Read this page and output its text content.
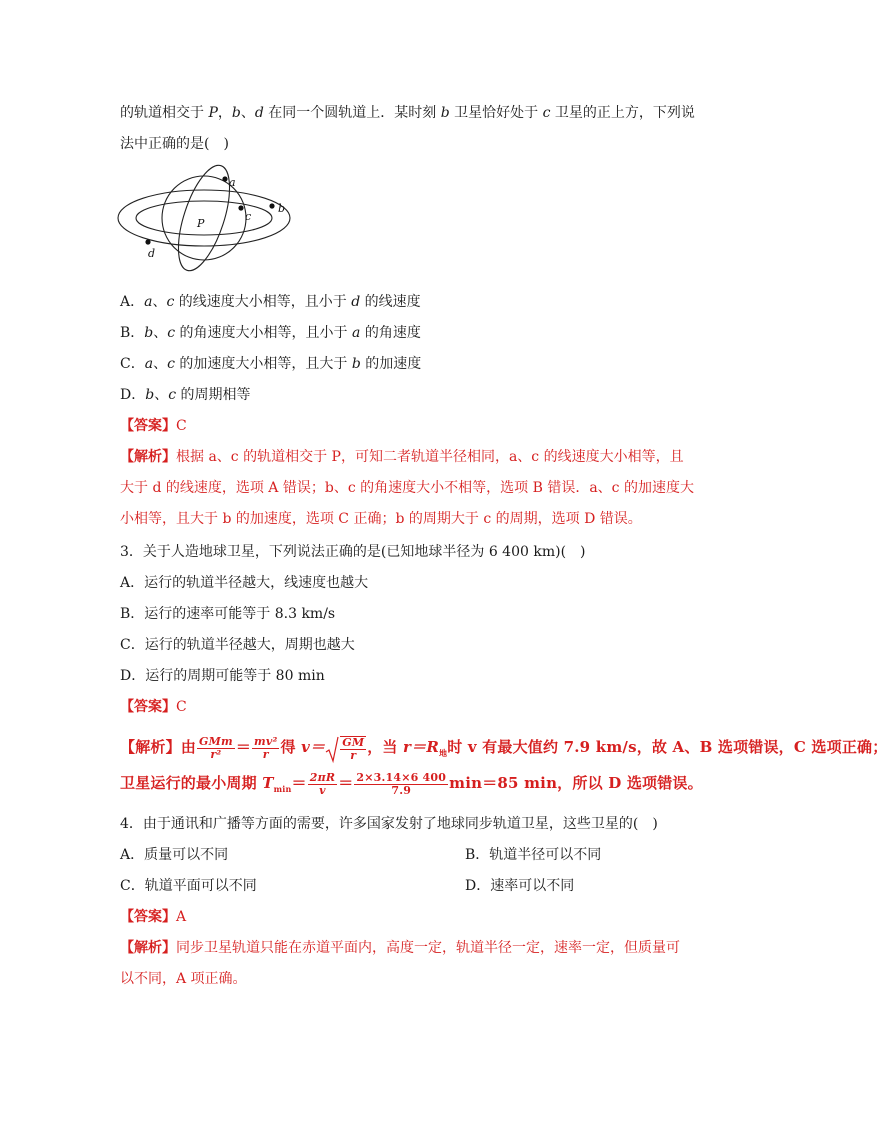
的轨道相交于 P，b、d 在同一个圆轨道上．某时刻 b 卫星恰好处于 c 卫星的正上方，下列说
法中正确的是(　)
a
b
c
d
P
A．a、c 的线速度大小相等，且小于 d 的线速度
B．b、c 的角速度大小相等，且小于 a 的角速度
C．a、c 的加速度大小相等，且大于 b 的加速度
D．b、c 的周期相等
【答案】C
【解析】根据 a、c 的轨道相交于 P，可知二者轨道半径相同，a、c 的线速度大小相等，且
大于 d 的线速度，选项 A 错误；b、c 的角速度大小不相等，选项 B 错误．a、c 的加速度大
小相等，且大于 b 的加速度，选项 C 正确；b 的周期大于 c 的周期，选项 D 错误。
3．关于人造地球卫星，下列说法正确的是(已知地球半径为 6 400 km)(　)
A．运行的轨道半径越大，线速度也越大
B．运行的速率可能等于 8.3 km/s
C．运行的轨道半径越大，周期也越大
D．运行的周期可能等于 80 min
【答案】C
【解析】由 $\frac{\text{GMm}}{\text{r²}} = \frac{\text{mv²}}{r}$ 得 $v= \frac{GM}{r}$ ，当 $r=R_地$时 v 有最大值约 7.9 km/s，故 A、B 选项错误，C 选项正确；
卫星运行的最小周期 $T_{min}= \frac{2\pi R}{v} = \frac{2\times 3.14\times 6 400}{7.9} \min=85$ min，所以 D 选项错误。
4．由于通讯和广播等方面的需要，许多国家发射了地球同步轨道卫星，这些卫星的(　)
A．质量可以不同	B．轨道半径可以不同
C．轨道平面可以不同	D．速率可以不同
【答案】A
【解析】同步卫星轨道只能在赤道平面内，高度一定，轨道半径一定，速率一定，但质量可
以不同，A 项正确。
